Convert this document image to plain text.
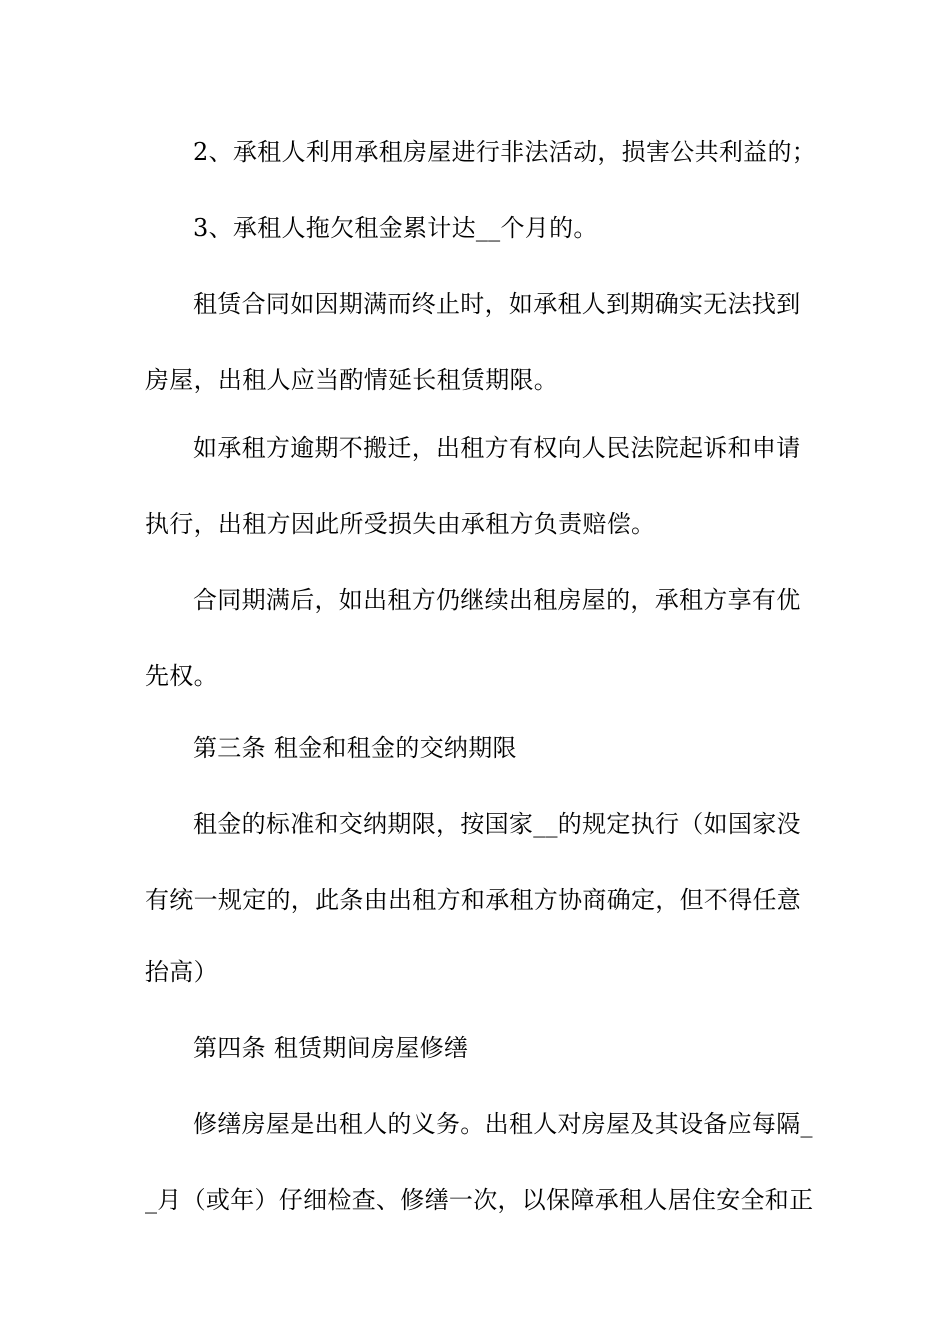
2、承租人利用承租房屋进行非法活动，损害公共利益的；
3、承租人拖欠租金累计达__个月的。
租赁合同如因期满而终止时，如承租人到期确实无法找到
房屋，出租人应当酌情延长租赁期限。
如承租方逾期不搬迁，出租方有权向人民法院起诉和申请
执行，出租方因此所受损失由承租方负责赔偿。
合同期满后，如出租方仍继续出租房屋的，承租方享有优
先权。
第三条 租金和租金的交纳期限
租金的标准和交纳期限，按国家__的规定执行（如国家没
有统一规定的，此条由出租方和承租方协商确定，但不得任意
抬高）
第四条 租赁期间房屋修缮
修缮房屋是出租人的义务。出租人对房屋及其设备应每隔_
_月（或年）仔细检查、修缮一次，以保障承租人居住安全和正
